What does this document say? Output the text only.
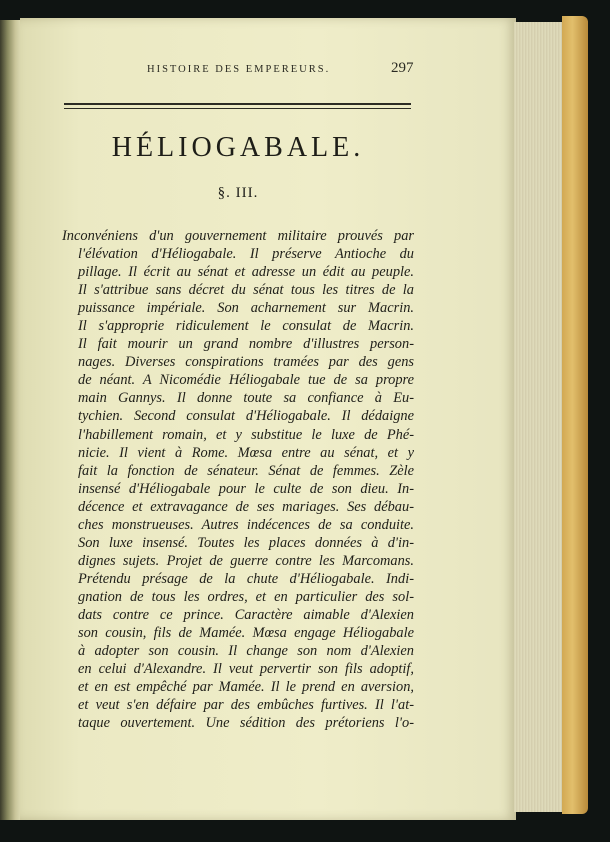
HISTOIRE DES EMPEREURS.	297
HÉLIOGABALE.
§. III.
Inconvéniens d'un gouvernement militaire prouvés par
l'élévation d'Héliogabale. Il préserve Antioche du
pillage. Il écrit au sénat et adresse un édit au peuple.
Il s'attribue sans décret du sénat tous les titres de la
puissance impériale. Son acharnement sur Macrin.
Il s'approprie ridiculement le consulat de Macrin.
Il fait mourir un grand nombre d'illustres person-
nages. Diverses conspirations tramées par des gens
de néant. A Nicomédie Héliogabale tue de sa propre
main Gannys. Il donne toute sa confiance à Eu-
tychien. Second consulat d'Héliogabale. Il dédaigne
l'habillement romain, et y substitue le luxe de Phé-
nicie. Il vient à Rome. Mœsa entre au sénat, et y
fait la fonction de sénateur. Sénat de femmes. Zèle
insensé d'Héliogabale pour le culte de son dieu. In-
décence et extravagance de ses mariages. Ses débau-
ches monstrueuses. Autres indécences de sa conduite.
Son luxe insensé. Toutes les places données à d'in-
dignes sujets. Projet de guerre contre les Marcomans.
Prétendu présage de la chute d'Héliogabale. Indi-
gnation de tous les ordres, et en particulier des sol-
dats contre ce prince. Caractère aimable d'Alexien
son cousin, fils de Mamée. Mœsa engage Héliogabale
à adopter son cousin. Il change son nom d'Alexien
en celui d'Alexandre. Il veut pervertir son fils adoptif,
et en est empêché par Mamée. Il le prend en aversion,
et veut s'en défaire par des embûches furtives. Il l'at-
taque ouvertement. Une sédition des prétoriens l'o-
